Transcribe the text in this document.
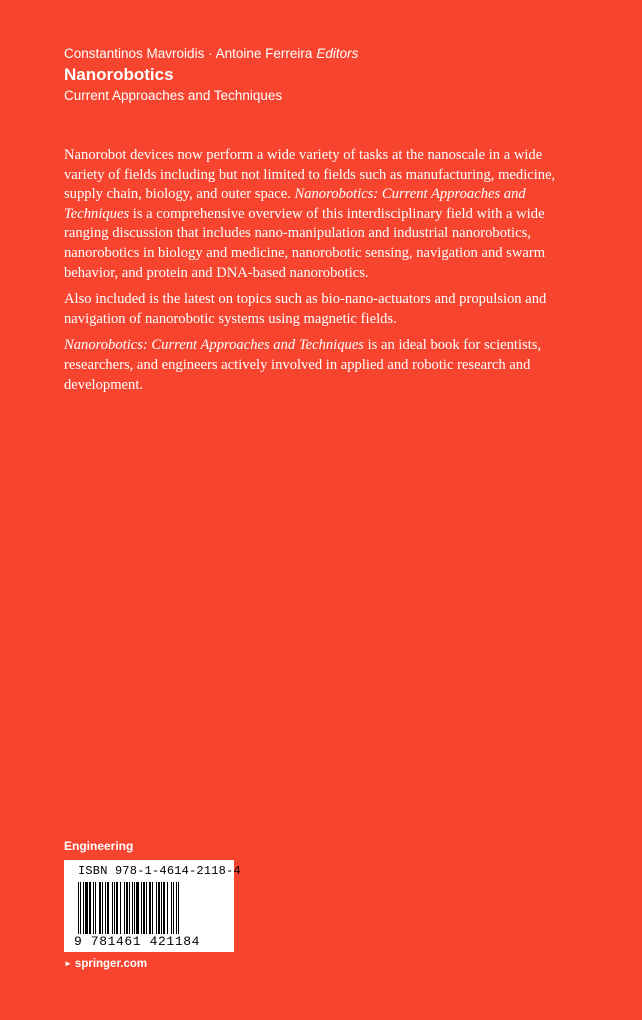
Constantinos Mavroidis · Antoine Ferreira Editors
Nanorobotics
Current Approaches and Techniques

Nanorobot devices now perform a wide variety of tasks at the nanoscale in a wide variety of fields including but not limited to fields such as manufacturing, medicine, supply chain, biology, and outer space. Nanorobotics: Current Approaches and Techniques is a comprehensive overview of this interdisciplinary field with a wide ranging discussion that includes nano-manipulation and industrial nanorobotics, nanorobotics in biology and medicine, nanorobotic sensing, navigation and swarm behavior, and protein and DNA-based nanorobotics.

Also included is the latest on topics such as bio-nano-actuators and propulsion and navigation of nanorobotic systems using magnetic fields.

Nanorobotics: Current Approaches and Techniques is an ideal book for scientists, researchers, and engineers actively involved in applied and robotic research and development.

Engineering
ISBN 978-1-4614-2118-4
9 781461 421184
► springer.com
